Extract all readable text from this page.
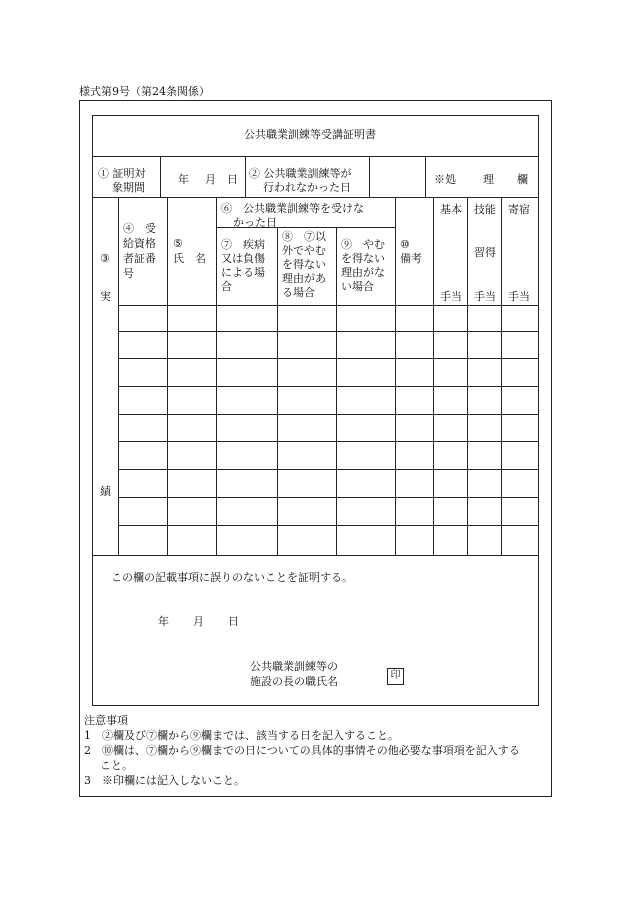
様式第9号（第24条関係）
公共職業訓練等受講証明書
① 証明対
象期間
年 月 日 ② 公共職業訓練等が
行われなかった日
※処 理 欄
③
実
績
④　受
給資格
者証番
号
⑤
氏　名
⑥　公共職業訓練等を受けな
かった日
⑦　疾病
又は負傷
による場
合
⑧　⑦以
外でやむ
を得ない
理由があ
る場合
⑨　やむ
を得ない
理由がな
い場合
⑩
備考
基本
手当
技能
習得
手当
寄宿
手当
この欄の記載事項に誤りのないことを証明する。
年 月 日
公共職業訓練等の
施設の長の職氏名	印
注意事項
1　②欄及び⑦欄から⑨欄までは、該当する日を記入すること。
2　⑩欄は、⑦欄から⑨欄までの日についての具体的事情その他必要な事項項を記入する
こと。
3　※印欄には記入しないこと。
